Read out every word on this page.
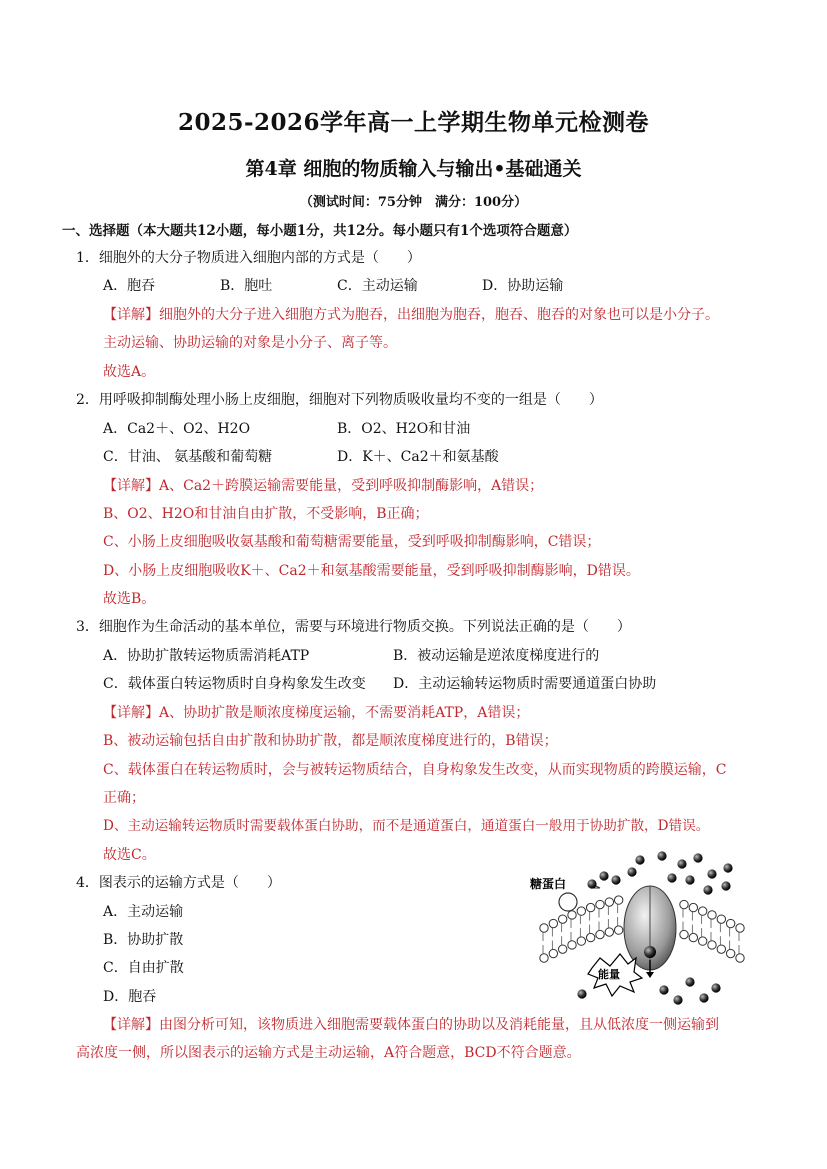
2025-2026学年高一上学期生物单元检测卷
第4章 细胞的物质输入与输出•基础通关
（测试时间：75分钟　满分：100分）
一、选择题（本大题共12小题，每小题1分，共12分。每小题只有1个选项符合题意）
1．细胞外的大分子物质进入细胞内部的方式是（　　）
A．胞吞	B．胞吐	C．主动运输	D．协助运输
【详解】细胞外的大分子进入细胞方式为胞吞，出细胞为胞吞，胞吞、胞吞的对象也可以是小分子。
主动运输、协助运输的对象是小分子、离子等。
故选A。
2．用呼吸抑制酶处理小肠上皮细胞，细胞对下列物质吸收量均不变的一组是（　　）
A．Ca2＋、O2、H2O	B．O2、H2O和甘油
C．甘油、 氨基酸和葡萄糖	D．K＋、Ca2＋和氨基酸
【详解】A、Ca2＋跨膜运输需要能量，受到呼吸抑制酶影响，A错误；
B、O2、H2O和甘油自由扩散，不受影响，B正确；
C、小肠上皮细胞吸收氨基酸和葡萄糖需要能量，受到呼吸抑制酶影响，C错误；
D、小肠上皮细胞吸收K＋、Ca2＋和氨基酸需要能量，受到呼吸抑制酶影响，D错误。
故选B。
3．细胞作为生命活动的基本单位，需要与环境进行物质交换。下列说法正确的是（　　）
A．协助扩散转运物质需消耗ATP	B．被动运输是逆浓度梯度进行的
C．载体蛋白转运物质时自身构象发生改变 D．主动运输转运物质时需要通道蛋白协助
【详解】A、协助扩散是顺浓度梯度运输，不需要消耗ATP，A错误；
B、被动运输包括自由扩散和协助扩散，都是顺浓度梯度进行的，B错误；
C、载体蛋白在转运物质时，会与被转运物质结合，自身构象发生改变，从而实现物质的跨膜运输，C
正确；
D、主动运输转运物质时需要载体蛋白协助，而不是通道蛋白，通道蛋白一般用于协助扩散，D错误。
故选C。
4．图表示的运输方式是（　　）
A．主动运输
B．协助扩散
C．自由扩散
D．胞吞
【详解】由图分析可知，该物质进入细胞需要载体蛋白的协助以及消耗能量，且从低浓度一侧运输到
高浓度一侧，所以图表示的运输方式是主动运输，A符合题意，BCD不符合题意。
糖蛋白
能量
